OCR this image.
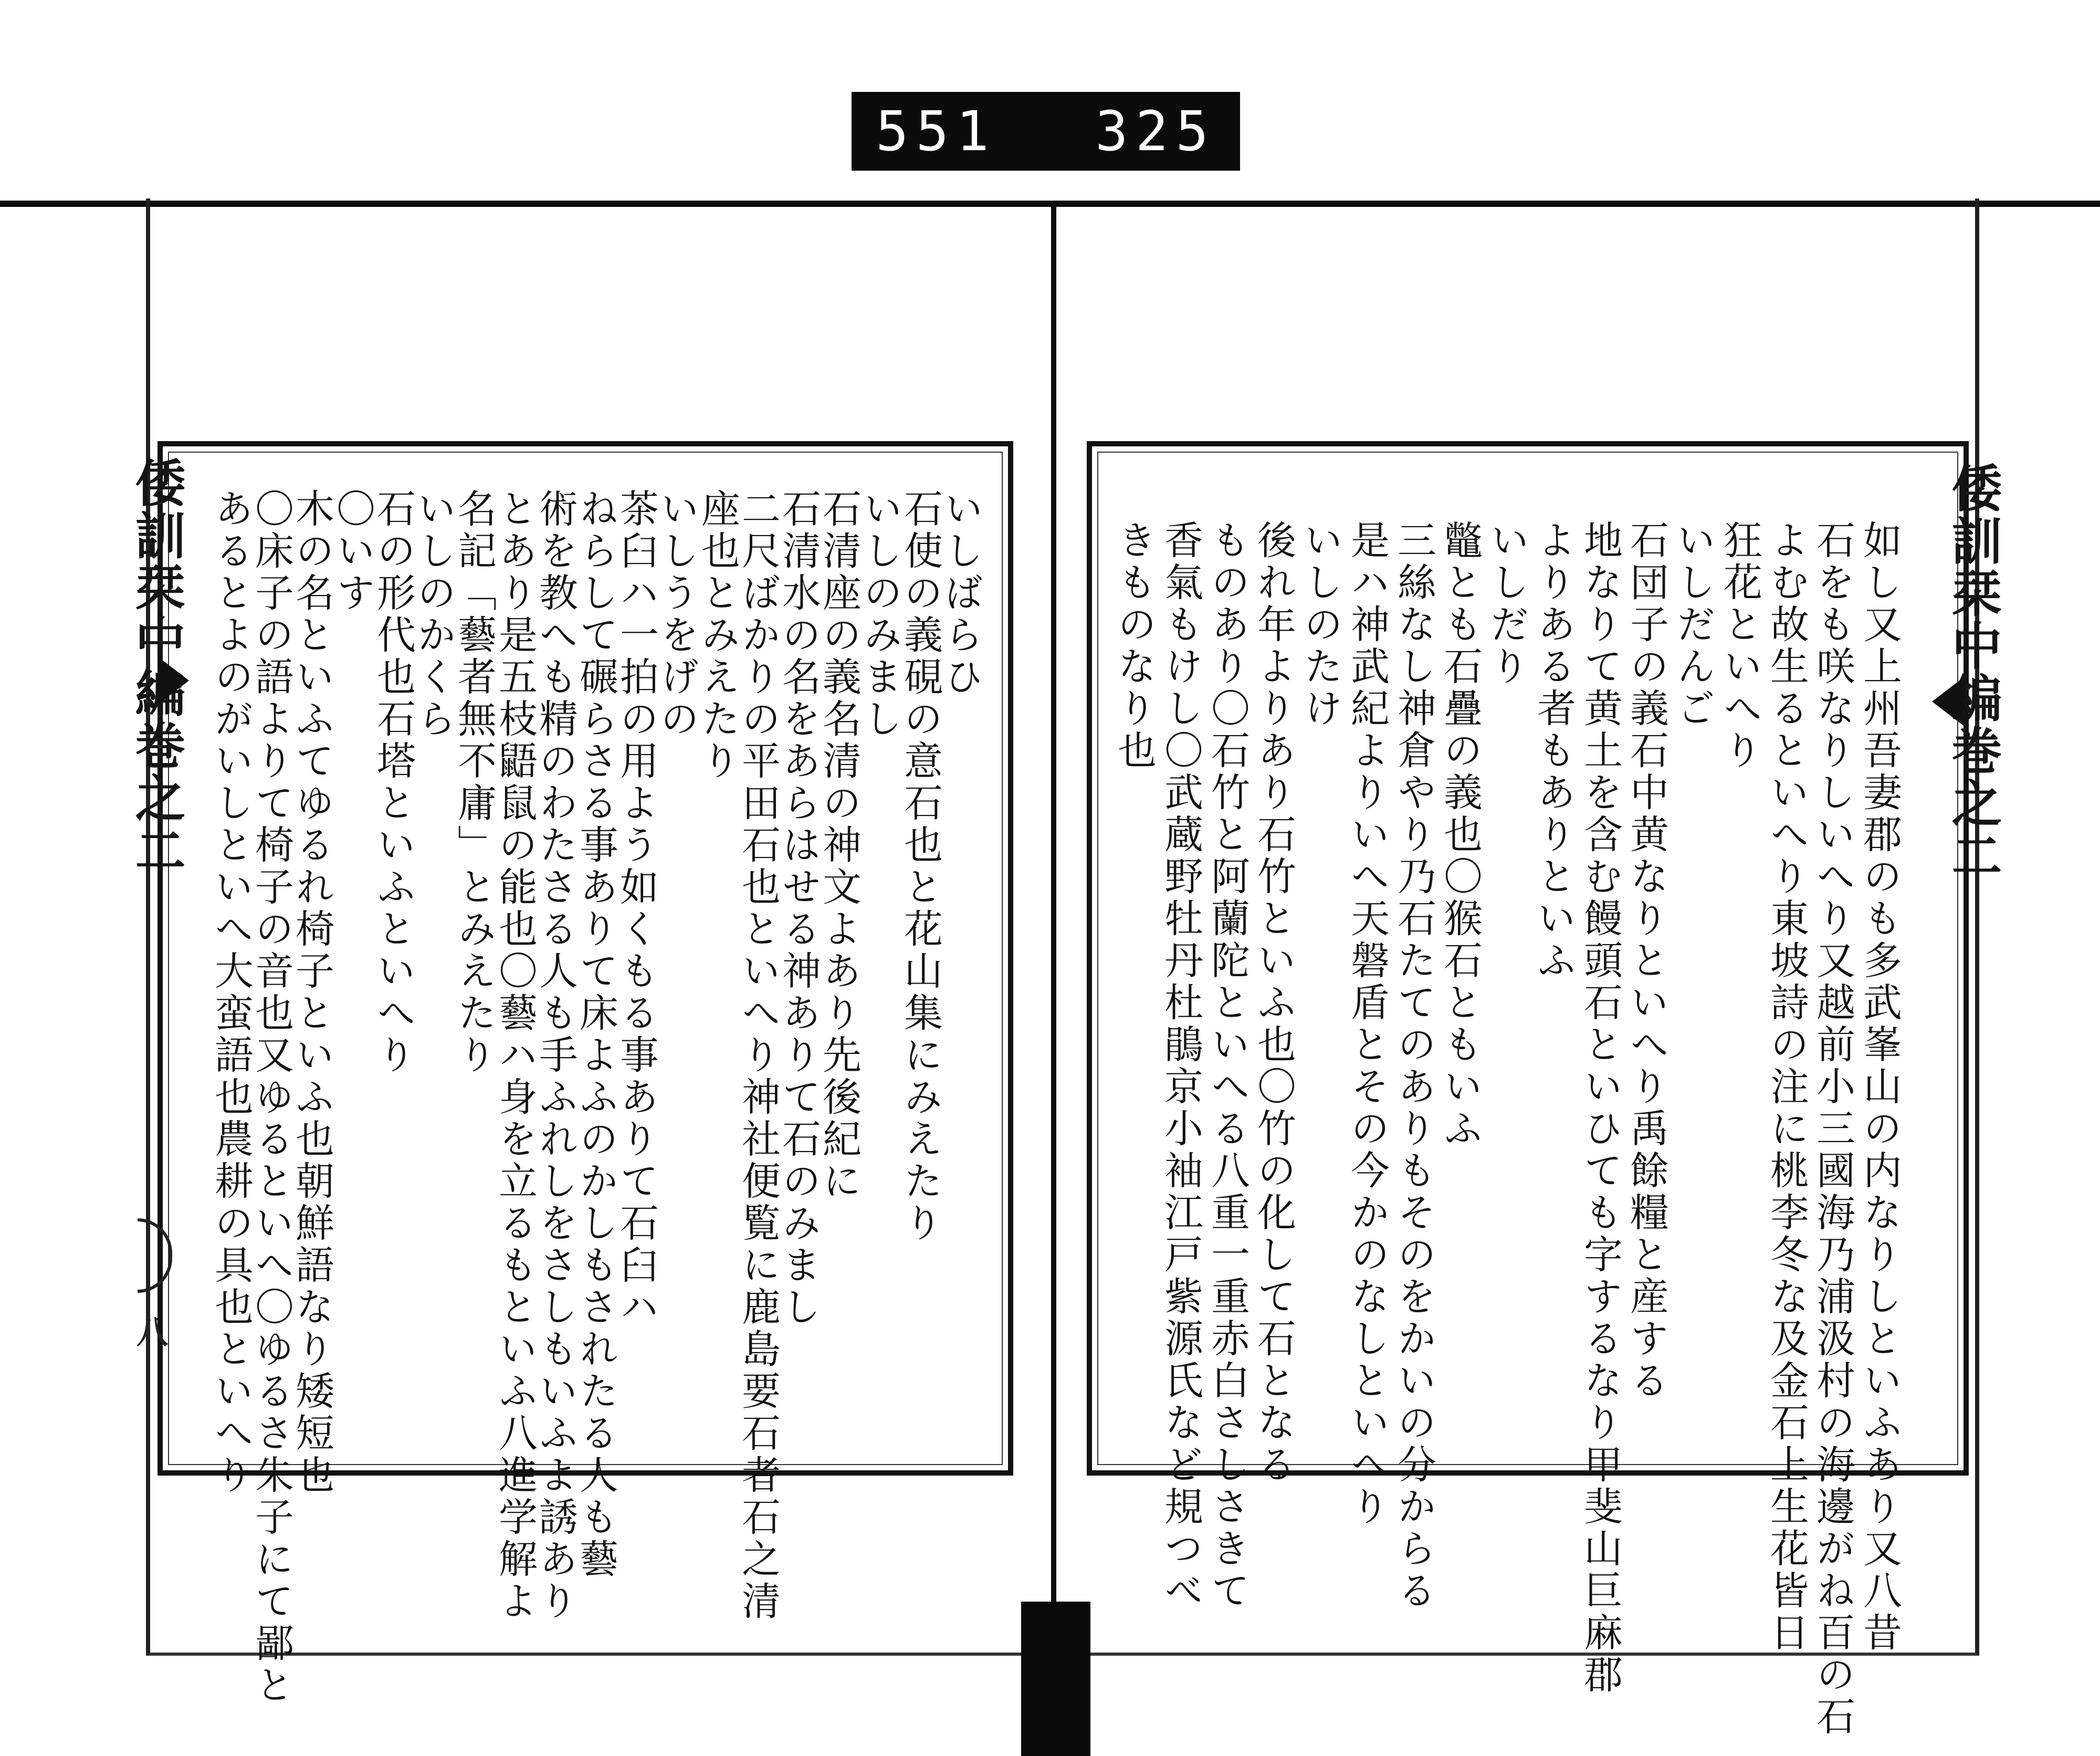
551 325
倭訓栞中編巻之二
如し又上州吾妻郡のも多武峯山の内なりしといふあり又八昔
石をも咲なりしいへり又越前小三國海乃浦汲村の海邊がね百の石
よむ故生るといへり東坡詩の注に桃李冬な及金石上生花皆日
狂花といへり
いしだんご
石団子の義石中黄なりといへり禹餘糧と産する
地なりて黄土を含む饅頭石といひても字するなり甲斐山巨麻郡
よりある者もありといふ
いしだり
鼈とも石疊の義也〇猴石ともいふ
三絲なし神倉やり乃石たてのありもそのをかいの分からる
是ハ神武紀よりいへ天磐盾とその今かのなしといへり
いしのたけ
後れ年よりあり石竹といふ也〇竹の化して石となる
ものあり〇石竹と阿蘭陀といへる八重一重赤白さしさきて
香氣もけし〇武蔵野牡丹杜鵑京小袖江戸紫源氏など規つべ
きものなり也
倭訓栞中編巻之二	いしばらひ
石使の義硯の意石也と花山集にみえたり
いしのみまし
石清座の義名清の神文よあり先後紀に
石清水の名をあらはせる神ありて石のみまし
二尺ばかりの平田石也といへり神社便覧に鹿島要石者石之清
座也とみえたり
いしうをげの
茶臼ハ一拍の用よう如くもる事ありて石臼ハ
ねらして碾らさる事ありて床よふのかしもされたる人も藝
術を教へも精のわたさる人も手ふれしをさしもいふよ誘あり
とあり是五枝鼯鼠の能也〇藝ハ身を立るもといふ八進学解よ
名記「藝者無不庸」とみえたり
いしのかくら
石の形代也石塔といふといへり
〇いす
木の名といふてゆるれ椅子といふ也朝鮮語なり矮短也
〇床子の語よりて椅子の音也又ゆるといへ〇ゆるさ朱子にて鄙と
あるとよのがいしといへ大蛮語也農耕の具也といへり
八
